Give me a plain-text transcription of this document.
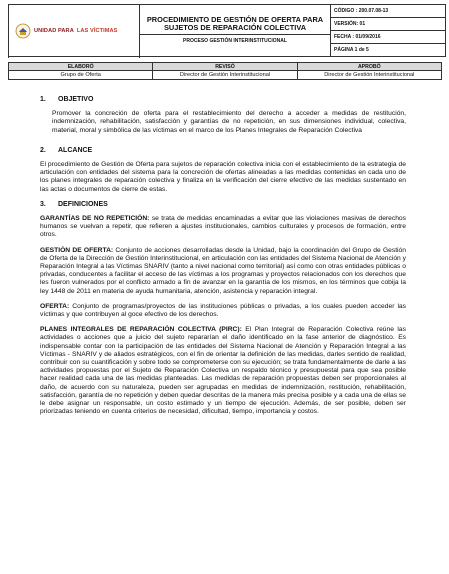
UNIDAD PARA LAS VÍCTIMAS

PROCEDIMIENTO DE GESTIÓN DE OFERTA PARA SUJETOS DE REPARACIÓN COLECTIVA
PROCESO GESTIÓN INTERINSTITUCIONAL

CÓDIGO : 200.07.08-13
VERSIÓN: 01
FECHA : 01/09/2016
PÁGINA 1 de 5

ELABORÓ	REVISÓ	APROBÓ
Grupo de Oferta	Director de Gestión Interinstitucional	Director de Gestión Interinstitucional
1. OBJETIVO

Promover la concreción de oferta para el restablecimiento del derecho a acceder a medidas de restitución, indemnización, rehabilitación, satisfacción y garantías de no repetición, en sus dimensiones individual, colectiva, material, moral y simbólica de las víctimas en el marco de los Planes Integrales de Reparación Colectiva

2. ALCANCE

El procedimiento de Gestión de Oferta para sujetos de reparación colectiva inicia con el establecimiento de la estrategia de articulación con entidades del sistema para la concreción de ofertas alineadas a las medidas contenidas en cada uno de los planes integrales de reparación colectiva y finaliza en la verificación del cierre efectivo de las medidas sustentado en las actas o documentos de cierre de estas.

3. DEFINICIONES

GARANTÍAS DE NO REPETICIÓN: se trata de medidas encaminadas a evitar que las violaciones masivas de derechos humanos se vuelvan a repetir, que refieren a ajustes institucionales, cambios culturales y procesos de formación, entre otros.

GESTIÓN DE OFERTA: Conjunto de acciones desarrolladas desde la Unidad, bajo la coordinación del Grupo de Gestión de Oferta de la Dirección de Gestión Interinstitucional, en articulación con las entidades del Sistema Nacional de Atención y Reparación Integral a las Víctimas SNARIV (tanto a nivel nacional como territorial) así como con otras entidades públicas o privadas, conducentes a facilitar el acceso de las víctimas a los programas y proyectos relacionados con los derechos que les fueron vulnerados por el conflicto armado a fin de avanzar en la garantía de los mismos, en los términos que cobija la ley 1448 de 2011 en materia de ayuda humanitaria, atención, asistencia y reparación integral.

OFERTA: Conjunto de programas/proyectos de las instituciones públicas o privadas, a los cuales pueden acceder las víctimas y que contribuyen al goce efectivo de los derechos.

PLANES INTEGRALES DE REPARACIÓN COLECTIVA (PIRC): El Plan Integral de Reparación Colectiva reúne las actividades o acciones que a juicio del sujeto repararían el daño identificado en la fase anterior de diagnóstico. Es indispensable contar con la participación de las entidades del Sistema Nacional de Atención y Reparación Integral a las Víctimas - SNARIV y de aliados estratégicos, con el fin de orientar la definición de las medidas, darles sentido de realidad, contribuir con su cuantificación y sobre todo se comprometerse con su ejecución; se trata fundamentalmente de darle a las actividades propuestas por el Sujeto de Reparación Colectiva un respaldo técnico y presupuestal para que sea posible hacer realidad cada una de las medidas planteadas. Las medidas de reparación propuestas deben ser proporcionales al daño, de acuerdo con su naturaleza, pueden ser agrupadas en medidas de indemnización, restitución, rehabilitación, satisfacción, garantía de no repetición y deben quedar descritas de la manera más precisa posible y a cada una de ellas se le debe asignar un responsable, un costo estimado y un tiempo de ejecución. Además, de ser posible, deben ser priorizadas teniendo en cuenta criterios de necesidad, dificultad, tiempo, importancia y costos.
